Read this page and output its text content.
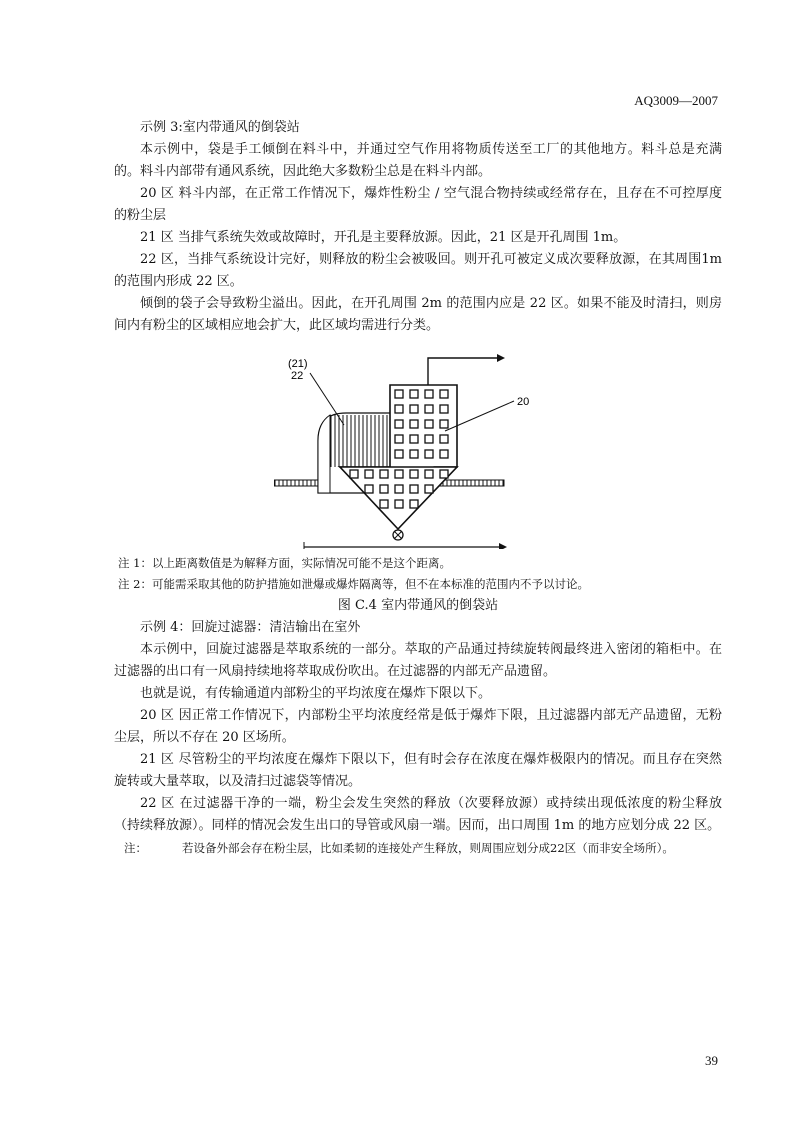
AQ3009—2007

示例 3:室内带通风的倒袋站

本示例中，袋是手工倾倒在料斗中，并通过空气作用将物质传送至工厂的其他地方。料斗总是充满的。料斗内部带有通风系统，因此绝大多数粉尘总是在料斗内部。

20 区 料斗内部，在正常工作情况下，爆炸性粉尘 / 空气混合物持续或经常存在，且存在不可控厚度的粉尘层

21 区 当排气系统失效或故障时，开孔是主要释放源。因此，21 区是开孔周围 1m。

22 区，当排气系统设计完好，则释放的粉尘会被吸回。则开孔可被定义成次要释放源，在其周围1m 的范围内形成 22 区。

倾倒的袋子会导致粉尘溢出。因此，在开孔周围 2m 的范围内应是 22 区。如果不能及时清扫，则房间内有粉尘的区域相应地会扩大，此区域均需进行分类。

(21)
22
20

注 1：以上距离数值是为解释方面，实际情况可能不是这个距离。

注 2：可能需采取其他的防护措施如泄爆或爆炸隔离等，但不在本标准的范围内不予以讨论。

图 C.4 室内带通风的倒袋站

示例 4：回旋过滤器：清洁输出在室外

本示例中，回旋过滤器是萃取系统的一部分。萃取的产品通过持续旋转阀最终进入密闭的箱柜中。在过滤器的出口有一风扇持续地将萃取成份吹出。在过滤器的内部无产品遗留。

也就是说，有传输通道内部粉尘的平均浓度在爆炸下限以下。

20 区 因正常工作情况下，内部粉尘平均浓度经常是低于爆炸下限，且过滤器内部无产品遗留，无粉尘层，所以不存在 20 区场所。

21 区 尽管粉尘的平均浓度在爆炸下限以下，但有时会存在浓度在爆炸极限内的情况。而且存在突然旋转或大量萃取，以及清扫过滤袋等情况。

22 区 在过滤器干净的一端，粉尘会发生突然的释放（次要释放源）或持续出现低浓度的粉尘释放（持续释放源）。同样的情况会发生出口的导管或风扇一端。因而，出口周围 1m 的地方应划分成 22 区。

注：	若设备外部会存在粉尘层，比如柔韧的连接处产生释放，则周围应划分成22区（而非安全场所）。
39
